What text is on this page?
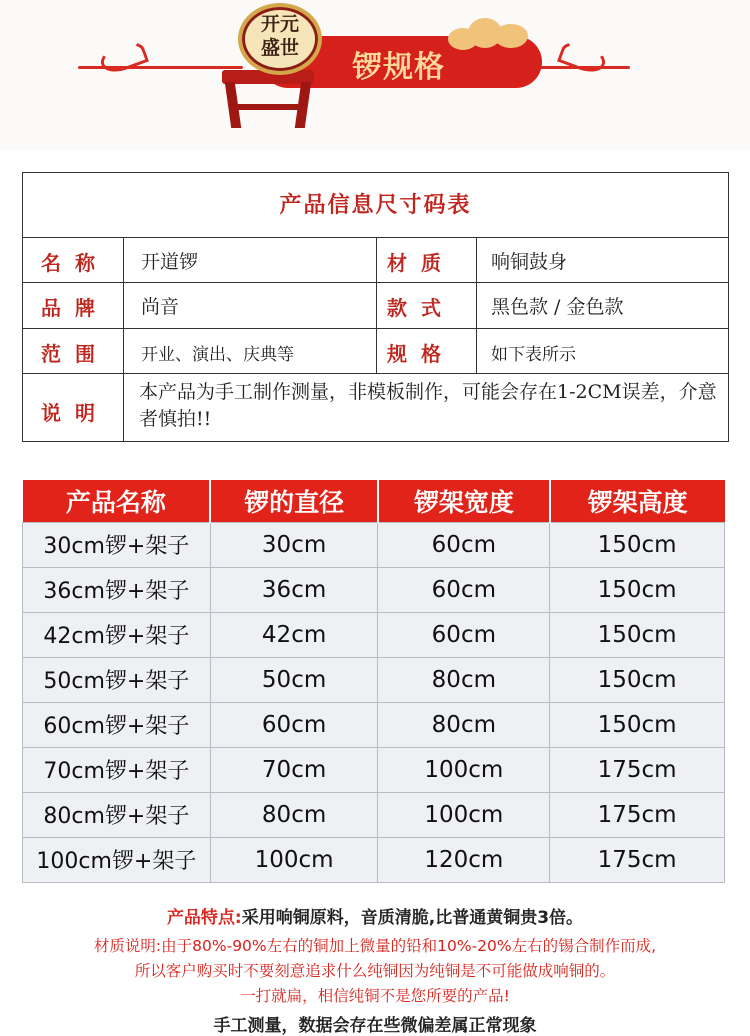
开元
盛世
锣规格
产品信息尺寸码表
名称 开道锣	材质 响铜鼓身
品牌 尚音	款式 黑色款 / 金色款
范围 开业、演出、庆典等	规格 如下表所示
说明
本产品为手工制作测量，非模板制作，可能会存在1-2CM误差，介意者慎拍!!
产品名称	锣的直径	锣架宽度	锣架高度
30cm锣+架子	30cm	60cm	150cm
36cm锣+架子	36cm	60cm	150cm
42cm锣+架子	42cm	60cm	150cm
50cm锣+架子	50cm	80cm	150cm
60cm锣+架子	60cm	80cm	150cm
70cm锣+架子	70cm	100cm	175cm
80cm锣+架子	80cm	100cm	175cm
100cm锣+架子	100cm	120cm	175cm
产品特点:采用响铜原料，音质清脆,比普通黄铜贵3倍。
材质说明:由于80%-90%左右的铜加上微量的铅和10%-20%左右的锡合制作而成,
所以客户购买时不要刻意追求什么纯铜因为纯铜是不可能做成响铜的。
一打就扁，相信纯铜不是您所要的产品!
手工测量，数据会存在些微偏差属正常现象
